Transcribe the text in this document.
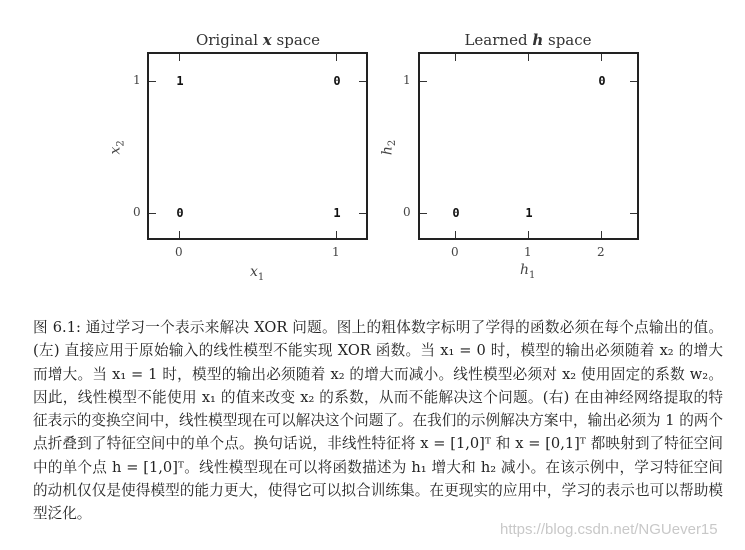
Original x space
0	1
1
0
$x_1$
$x_2$
1	0
0	1
Learned h space
0	1	2
1
0
$h_1$
$h_2$
0
0	1
图 6.1: 通过学习一个表示来解决 XOR 问题。图上的粗体数字标明了学得的函数必须在每个点输出的值。(左) 直接应用于原始输入的线性模型不能实现 XOR 函数。当 x₁ = 0 时，模型的输出必须随着 x₂ 的增大而增大。当 x₁ = 1 时，模型的输出必须随着 x₂ 的增大而减小。线性模型必须对 x₂ 使用固定的系数 w₂。因此，线性模型不能使用 x₁ 的值来改变 x₂ 的系数，从而不能解决这个问题。(右) 在由神经网络提取的特征表示的变换空间中，线性模型现在可以解决这个问题了。在我们的示例解决方案中，输出必须为 1 的两个点折叠到了特征空间中的单个点。换句话说，非线性特征将 x = [1,0]ᵀ 和 x = [0,1]ᵀ 都映射到了特征空间中的单个点 h = [1,0]ᵀ。线性模型现在可以将函数描述为 h₁ 增大和 h₂ 减小。在该示例中，学习特征空间的动机仅仅是使得模型的能力更大，使得它可以拟合训练集。在更现实的应用中，学习的表示也可以帮助模型泛化。
https://blog.csdn.net/NGUever15
